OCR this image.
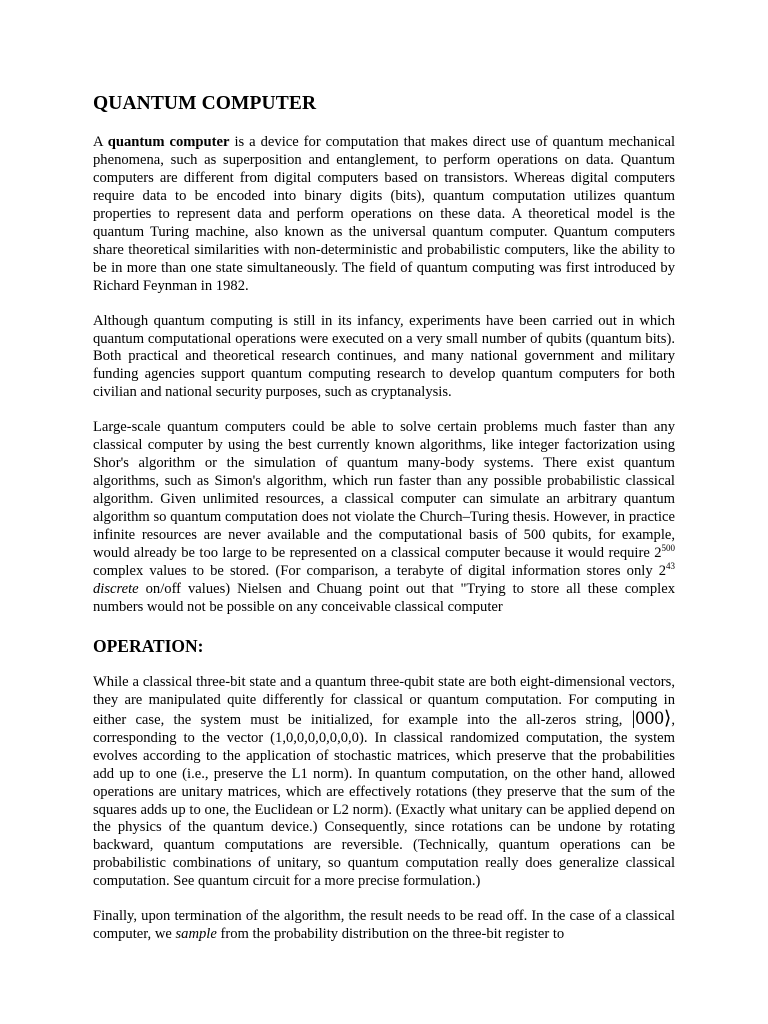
QUANTUM COMPUTER

A quantum computer is a device for computation that makes direct use of quantum mechanical phenomena, such as superposition and entanglement, to perform operations on data. Quantum computers are different from digital computers based on transistors. Whereas digital computers require data to be encoded into binary digits (bits), quantum computation utilizes quantum properties to represent data and perform operations on these data. A theoretical model is the quantum Turing machine, also known as the universal quantum computer. Quantum computers share theoretical similarities with non-deterministic and probabilistic computers, like the ability to be in more than one state simultaneously. The field of quantum computing was first introduced by Richard Feynman in 1982.

Although quantum computing is still in its infancy, experiments have been carried out in which quantum computational operations were executed on a very small number of qubits (quantum bits). Both practical and theoretical research continues, and many national government and military funding agencies support quantum computing research to develop quantum computers for both civilian and national security purposes, such as cryptanalysis.

Large-scale quantum computers could be able to solve certain problems much faster than any classical computer by using the best currently known algorithms, like integer factorization using Shor's algorithm or the simulation of quantum many-body systems. There exist quantum algorithms, such as Simon's algorithm, which run faster than any possible probabilistic classical algorithm. Given unlimited resources, a classical computer can simulate an arbitrary quantum algorithm so quantum computation does not violate the Church–Turing thesis. However, in practice infinite resources are never available and the computational basis of 500 qubits, for example, would already be too large to be represented on a classical computer because it would require $2^{500}$ complex values to be stored. (For comparison, a terabyte of digital information stores only $2^{43}$ discrete on/off values) Nielsen and Chuang point out that "Trying to store all these complex numbers would not be possible on any conceivable classical computer

OPERATION:

While a classical three-bit state and a quantum three-qubit state are both eight-dimensional vectors, they are manipulated quite differently for classical or quantum computation. For computing in either case, the system must be initialized, for example into the all-zeros string, |000⟩, corresponding to the vector (1,0,0,0,0,0,0,0). In classical randomized computation, the system evolves according to the application of stochastic matrices, which preserve that the probabilities add up to one (i.e., preserve the L1 norm). In quantum computation, on the other hand, allowed operations are unitary matrices, which are effectively rotations (they preserve that the sum of the squares adds up to one, the Euclidean or L2 norm). (Exactly what unitary can be applied depend on the physics of the quantum device.) Consequently, since rotations can be undone by rotating backward, quantum computations are reversible. (Technically, quantum operations can be probabilistic combinations of unitary, so quantum computation really does generalize classical computation. See quantum circuit for a more precise formulation.)

Finally, upon termination of the algorithm, the result needs to be read off. In the case of a classical computer, we sample from the probability distribution on the three-bit register to
